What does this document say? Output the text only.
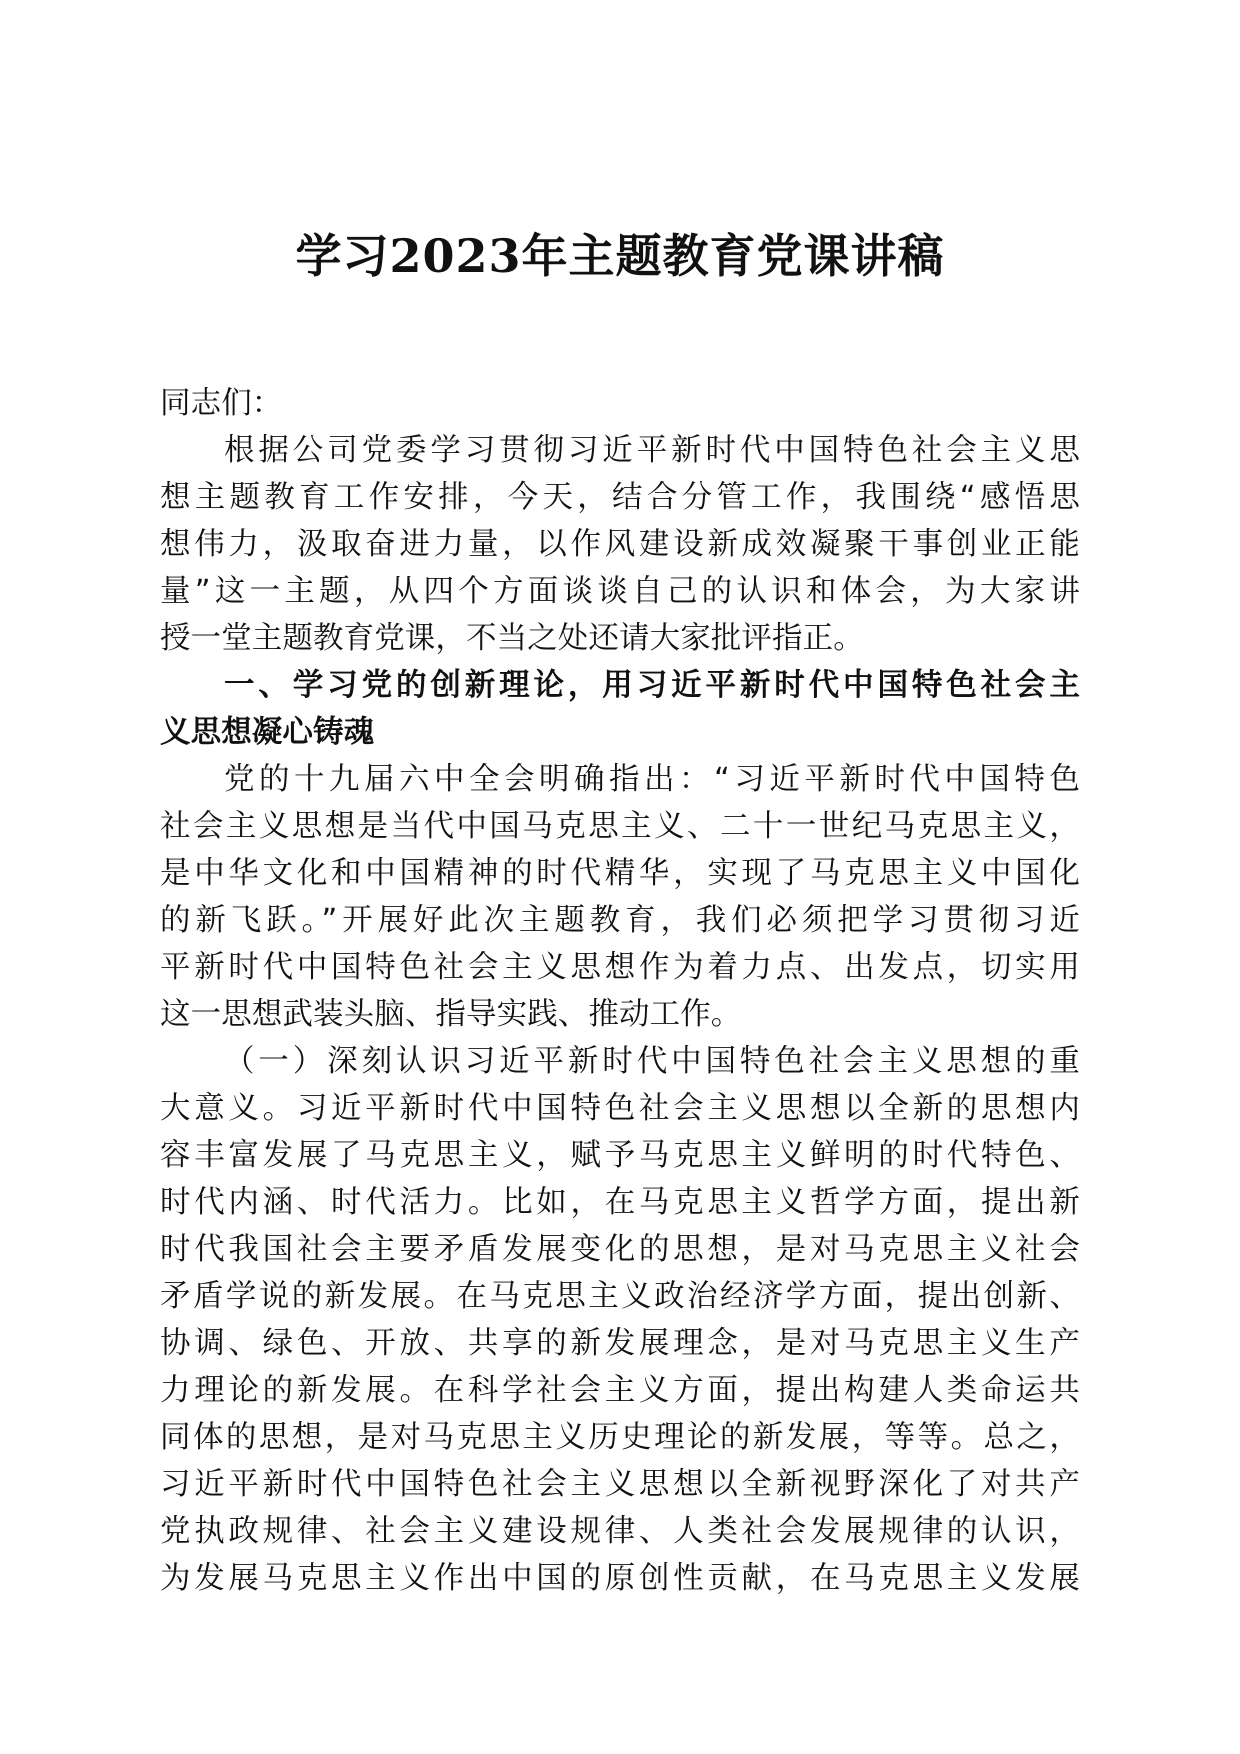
学习2023年主题教育党课讲稿
同志们：
根据公司党委学习贯彻习近平新时代中国特色社会主义思
想主题教育工作安排，今天，结合分管工作，我围绕“感悟思
想伟力，汲取奋进力量，以作风建设新成效凝聚干事创业正能
量”这一主题，从四个方面谈谈自己的认识和体会，为大家讲
授一堂主题教育党课，不当之处还请大家批评指正。
一、学习党的创新理论，用习近平新时代中国特色社会主
义思想凝心铸魂
党的十九届六中全会明确指出：“习近平新时代中国特色
社会主义思想是当代中国马克思主义、二十一世纪马克思主义，
是中华文化和中国精神的时代精华，实现了马克思主义中国化
的新飞跃。”开展好此次主题教育，我们必须把学习贯彻习近
平新时代中国特色社会主义思想作为着力点、出发点，切实用
这一思想武装头脑、指导实践、推动工作。
（一）深刻认识习近平新时代中国特色社会主义思想的重
大意义。习近平新时代中国特色社会主义思想以全新的思想内
容丰富发展了马克思主义，赋予马克思主义鲜明的时代特色、
时代内涵、时代活力。比如，在马克思主义哲学方面，提出新
时代我国社会主要矛盾发展变化的思想，是对马克思主义社会
矛盾学说的新发展。在马克思主义政治经济学方面，提出创新、
协调、绿色、开放、共享的新发展理念，是对马克思主义生产
力理论的新发展。在科学社会主义方面，提出构建人类命运共
同体的思想，是对马克思主义历史理论的新发展，等等。总之，
习近平新时代中国特色社会主义思想以全新视野深化了对共产
党执政规律、社会主义建设规律、人类社会发展规律的认识，
为发展马克思主义作出中国的原创性贡献，在马克思主义发展
